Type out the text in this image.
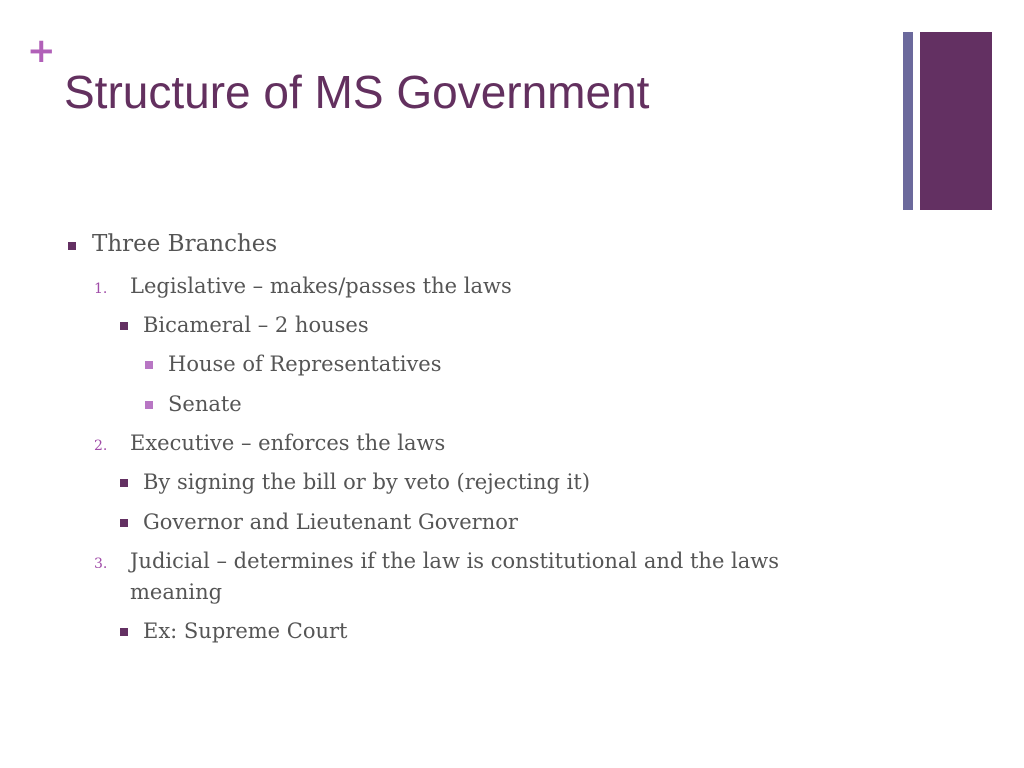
+
Structure of MS Government
Three Branches
1.	Legislative – makes/passes the laws
Bicameral – 2 houses
House of Representatives
Senate
2.	Executive – enforces the laws
By signing the bill or by veto (rejecting it)
Governor and Lieutenant Governor
3.	Judicial – determines if the law is constitutional and the laws meaning
Ex: Supreme Court
